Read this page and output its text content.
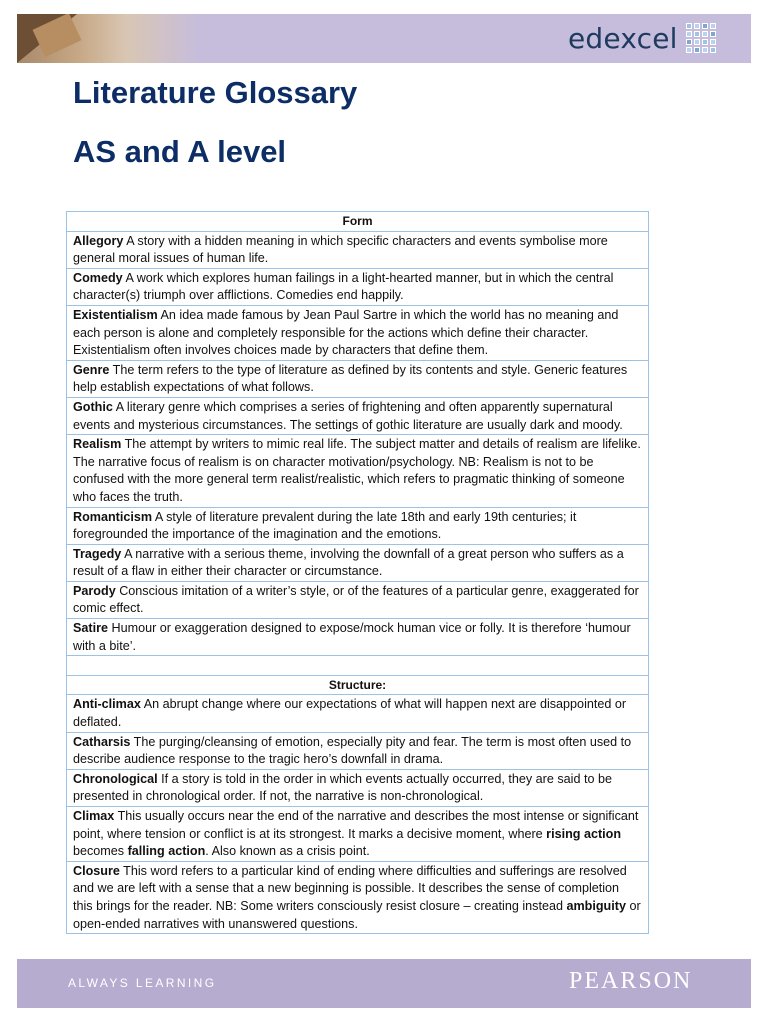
edexcel
Literature Glossary
AS and A level
Form
Allegory A story with a hidden meaning in which specific characters and events symbolise more general moral issues of human life.
Comedy A work which explores human failings in a light-hearted manner, but in which the central character(s) triumph over afflictions. Comedies end happily.
Existentialism An idea made famous by Jean Paul Sartre in which the world has no meaning and each person is alone and completely responsible for the actions which define their character. Existentialism often involves choices made by characters that define them.
Genre The term refers to the type of literature as defined by its contents and style. Generic features help establish expectations of what follows.
Gothic A literary genre which comprises a series of frightening and often apparently supernatural events and mysterious circumstances. The settings of gothic literature are usually dark and moody.
Realism The attempt by writers to mimic real life. The subject matter and details of realism are lifelike. The narrative focus of realism is on character motivation/psychology. NB: Realism is not to be confused with the more general term realist/realistic, which refers to pragmatic thinking of someone who faces the truth.
Romanticism A style of literature prevalent during the late 18th and early 19th centuries; it foregrounded the importance of the imagination and the emotions.
Tragedy A narrative with a serious theme, involving the downfall of a great person who suffers as a result of a flaw in either their character or circumstance.
Parody Conscious imitation of a writer’s style, or of the features of a particular genre, exaggerated for comic effect.
Satire Humour or exaggeration designed to expose/mock human vice or folly. It is therefore ‘humour with a bite’.

Structure:
Anti-climax An abrupt change where our expectations of what will happen next are disappointed or deflated.
Catharsis The purging/cleansing of emotion, especially pity and fear. The term is most often used to describe audience response to the tragic hero’s downfall in drama.
Chronological If a story is told in the order in which events actually occurred, they are said to be presented in chronological order. If not, the narrative is non-chronological.
Climax This usually occurs near the end of the narrative and describes the most intense or significant point, where tension or conflict is at its strongest. It marks a decisive moment, where rising action becomes falling action. Also known as a crisis point.
Closure This word refers to a particular kind of ending where difficulties and sufferings are resolved and we are left with a sense that a new beginning is possible. It describes the sense of completion this brings for the reader. NB: Some writers consciously resist closure – creating instead ambiguity or open-ended narratives with unanswered questions.
ALWAYS LEARNING	PEARSON
